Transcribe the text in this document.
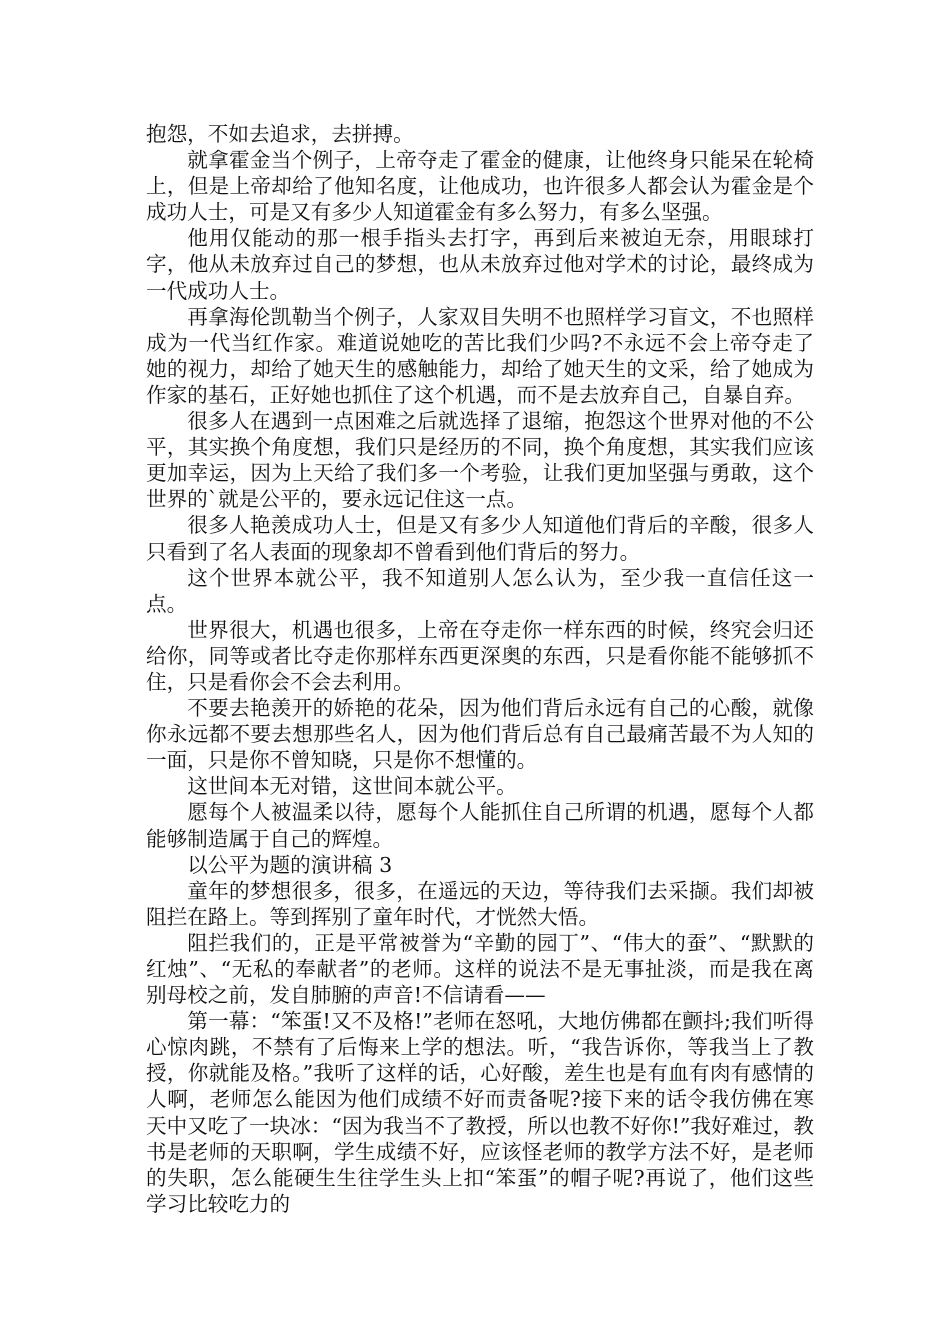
抱怨，不如去追求，去拼搏。

就拿霍金当个例子，上帝夺走了霍金的健康，让他终身只能呆在轮椅上，但是上帝却给了他知名度，让他成功，也许很多人都会认为霍金是个成功人士，可是又有多少人知道霍金有多么努力，有多么坚强。

他用仅能动的那一根手指头去打字，再到后来被迫无奈，用眼球打字，他从未放弃过自己的梦想，也从未放弃过他对学术的讨论，最终成为一代成功人士。

再拿海伦凯勒当个例子，人家双目失明不也照样学习盲文，不也照样成为一代当红作家。难道说她吃的苦比我们少吗?不永远不会上帝夺走了她的视力，却给了她天生的感触能力，却给了她天生的文采，给了她成为作家的基石，正好她也抓住了这个机遇，而不是去放弃自己，自暴自弃。

很多人在遇到一点困难之后就选择了退缩，抱怨这个世界对他的不公平，其实换个角度想，我们只是经历的不同，换个角度想，其实我们应该更加幸运，因为上天给了我们多一个考验，让我们更加坚强与勇敢，这个世界的`就是公平的，要永远记住这一点。

很多人艳羡成功人士，但是又有多少人知道他们背后的辛酸，很多人只看到了名人表面的现象却不曾看到他们背后的努力。

这个世界本就公平，我不知道别人怎么认为，至少我一直信任这一点。

世界很大，机遇也很多，上帝在夺走你一样东西的时候，终究会归还给你，同等或者比夺走你那样东西更深奥的东西，只是看你能不能够抓不住，只是看你会不会去利用。

不要去艳羡开的娇艳的花朵，因为他们背后永远有自己的心酸，就像你永远都不要去想那些名人，因为他们背后总有自己最痛苦最不为人知的一面，只是你不曾知晓，只是你不想懂的。

这世间本无对错，这世间本就公平。

愿每个人被温柔以待，愿每个人能抓住自己所谓的机遇，愿每个人都能够制造属于自己的辉煌。

以公平为题的演讲稿 3

童年的梦想很多，很多，在遥远的天边，等待我们去采撷。我们却被阻拦在路上。等到挥别了童年时代，才恍然大悟。

阻拦我们的，正是平常被誉为“辛勤的园丁”、“伟大的蚕”、“默默的红烛”、“无私的奉献者”的老师。这样的说法不是无事扯淡，而是我在离别母校之前，发自肺腑的声音!不信请看——

第一幕：“笨蛋!又不及格!”老师在怒吼，大地仿佛都在颤抖;我们听得心惊肉跳，不禁有了后悔来上学的想法。听，“我告诉你，等我当上了教授，你就能及格。”我听了这样的话，心好酸，差生也是有血有肉有感情的人啊，老师怎么能因为他们成绩不好而责备呢?接下来的话令我仿佛在寒天中又吃了一块冰：“因为我当不了教授，所以也教不好你!”我好难过，教书是老师的天职啊，学生成绩不好，应该怪老师的教学方法不好，是老师的失职，怎么能硬生生往学生头上扣“笨蛋”的帽子呢?再说了，他们这些学习比较吃力的
